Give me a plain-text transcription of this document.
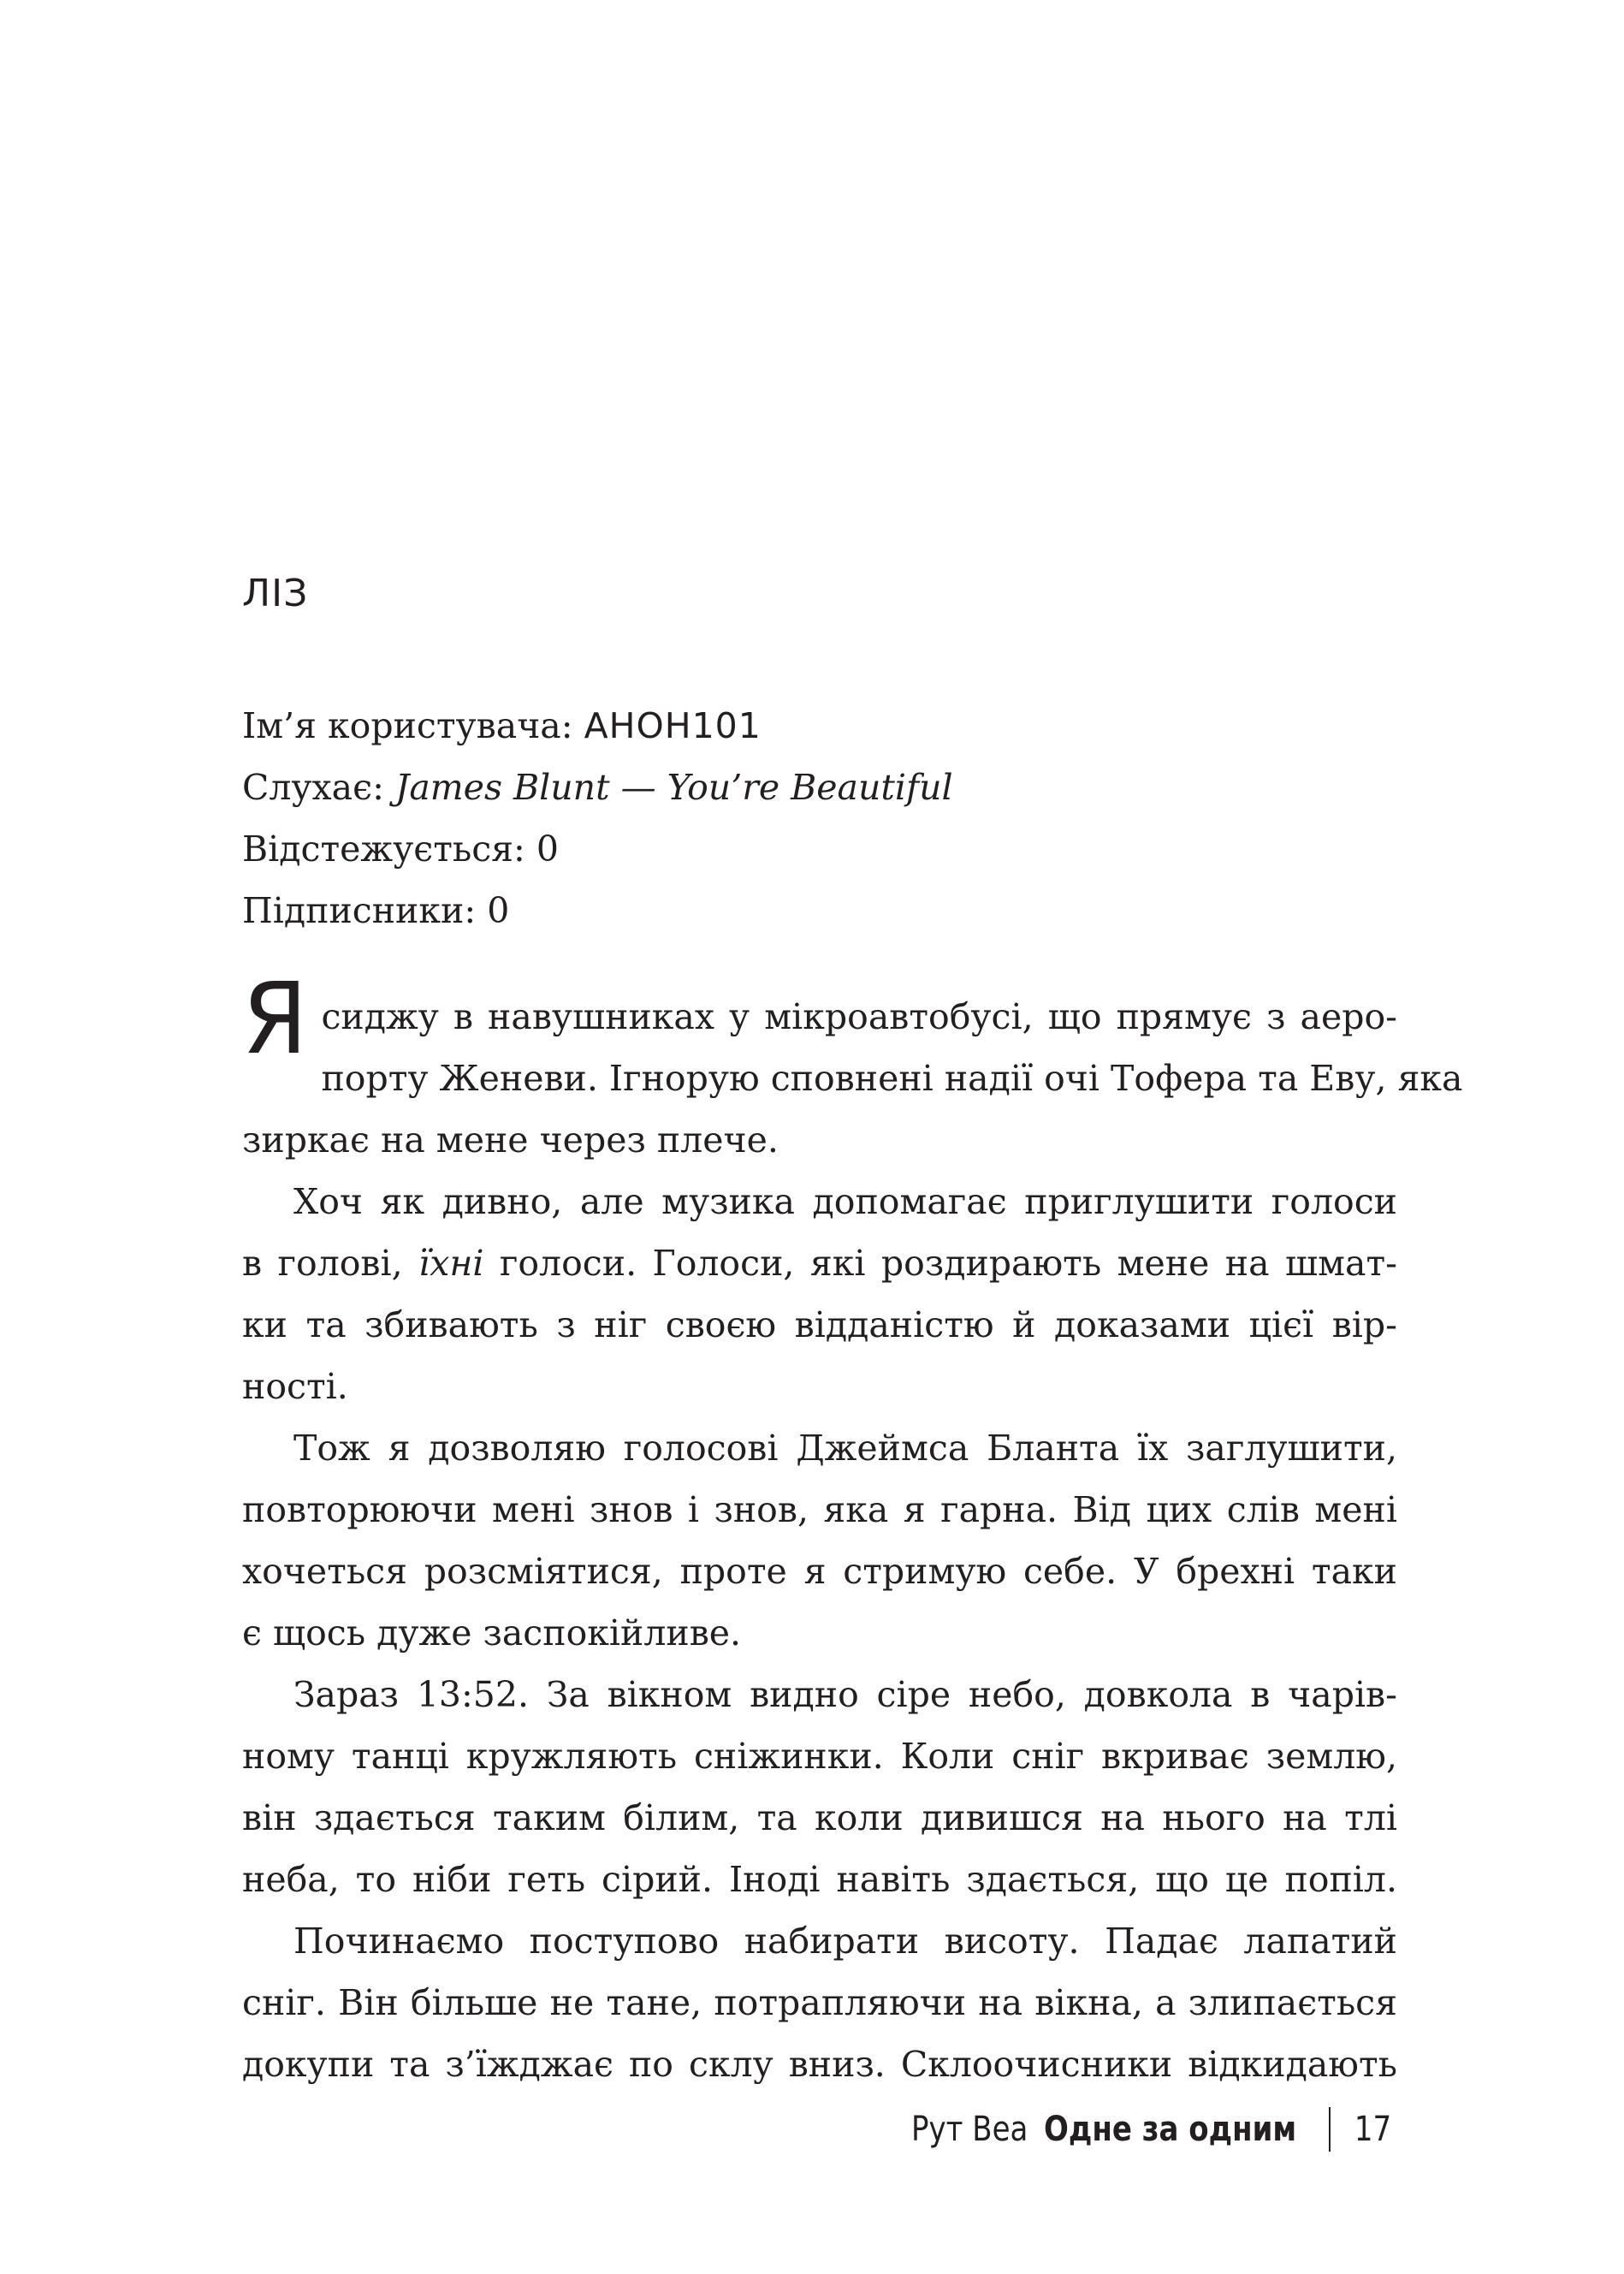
ЛІЗ
Ім’я користувача: АНОН101
Слухає: James Blunt — You’re Beautiful
Відстежується: 0
Підписники: 0
Я сиджу в навушниках у мікроавтобусі, що прямує з аеро-
порту Женеви. Ігнорую сповнені надії очі Тофера та Еву, яка
зиркає на мене через плече.
Хоч як дивно, але музика допомагає приглушити голоси
в голові, їхні голоси. Голоси, які роздирають мене на шмат-
ки та збивають з ніг своєю відданістю й доказами цієї вір-
ності.
Тож я дозволяю голосові Джеймса Бланта їх заглушити,
повторюючи мені знов і знов, яка я гарна. Від цих слів мені
хочеться розсміятися, проте я стримую себе. У брехні таки
є щось дуже заспокійливе.
Зараз 13:52. За вікном видно сіре небо, довкола в чарів-
ному танці кружляють сніжинки. Коли сніг вкриває землю,
він здається таким білим, та коли дивишся на нього на тлі
неба, то ніби геть сірий. Іноді навіть здається, що це попіл.
Починаємо поступово набирати висоту. Падає лапатий
сніг. Він більше не тане, потрапляючи на вікна, а злипається
докупи та з’їжджає по склу вниз. Склоочисники відкидають
Рут Веа Одне за одним 17
